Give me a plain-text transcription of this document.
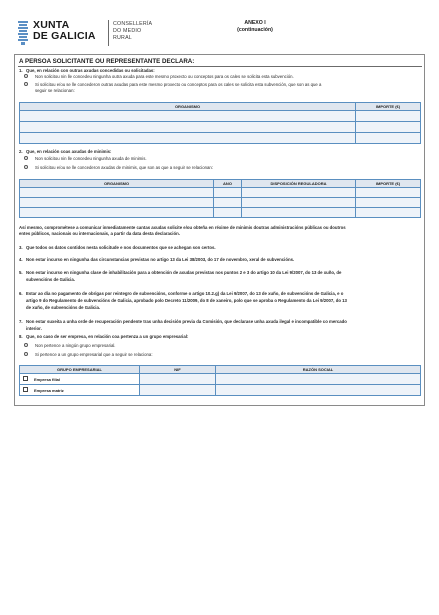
XUNTA
DE GALICIA
CONSELLERÍA
DO MEDIO
RURAL
ANEXO I
(continuación)
A PERSOA SOLICITANTE OU REPRESENTANTE DECLARA:
1. Que, en relación con outras axudas concedidas ou solicitadas:
Non solicitou nin lle concedeu ningunha outra axuda para este mesmo proxecto ou conceptos para os cales se solicita esta subvención.
Si solicitou e/ou se lle concederon outras axudas para este mesmo proxecto ou conceptos para os cales se solicita esta subvención, que son as que a
seguir se relacionan:
ORGANISMO	IMPORTE (€)

2. Que, en relación coas axudas de minimis:
Non solicitou nin lle concedeu ningunha axuda de minimis.
Si solicitou e/ou se lle concederon axudas de minimis, que son as que a seguir se relacionan:
ORGANISMO	ANO	DISPOSICIÓN REGULADORA	IMPORTE (€)

Así mesmo, comprométese a comunicar inmediatamente cantas axudas solicite e/ou obteña en réxime de minimis doutras administracións públicas ou doutros
entes públicos, nacionais ou internacionais, a partir da data desta declaración.
3. Que todos os datos contidos nesta solicitude e nos documentos que se achegan son certos.
4. Non estar incurso en ningunha das circunstancias previstas no artigo 13 da Lei 38/2003, do 17 de novembro, xeral de subvencións.
5. Non estar incurso en ningunha clase de inhabilitación para a obtención de axudas previstas nos puntos 2 e 3 do artigo 10 da Lei 9/2007, do 13 de xuño, de
subvencións de Galicia.
6. Estar ao día no pagamento de obrigas por reintegro de subvencións, conforme o artigo 10.2.g) da Lei 9/2007, do 13 de xuño, de subvencións de Galicia, e o
artigo 9 do Regulamento de subvencións de Galicia, aprobado polo Decreto 11/2009, do 8 de xaneiro, polo que se aproba o Regulamento da Lei 9/2007, do 13
de xuño, de subvencións de Galicia.
7. Non estar suxeita a unha orde de recuperación pendente tras unha decisión previa da Comisión, que declarase unha axuda ilegal e incompatible co mercado
interior.
8. Que, no caso de ser empresa, en relación coa pertenza a un grupo empresarial:
Non pertence a ningún grupo empresarial.
Si pertence a un grupo empresarial que a seguir se relaciona:
GRUPO EMPRESARIAL	NIF	RAZÓN SOCIAL

Empresa filial		

Empresa matriz		
